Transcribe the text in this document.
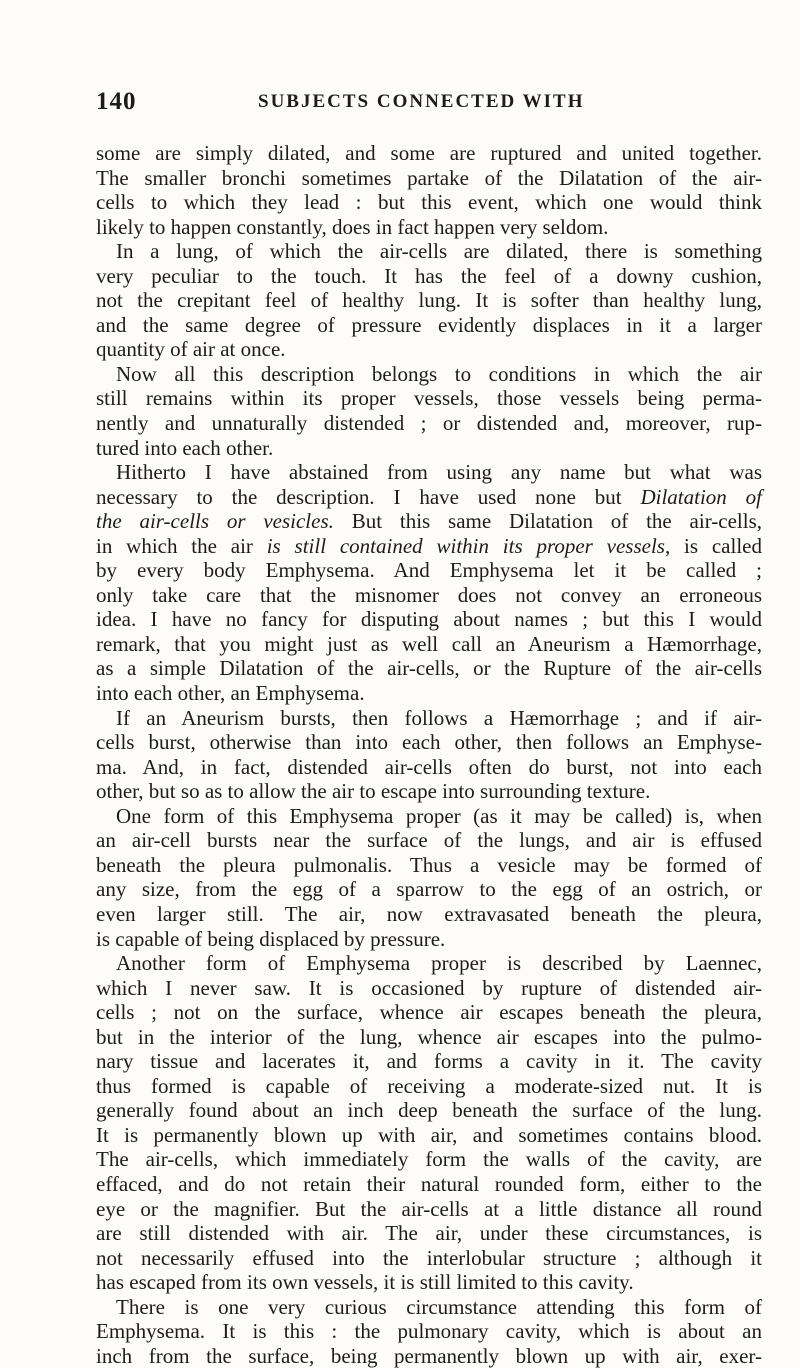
140	SUBJECTS CONNECTED WITH

some are simply dilated, and some are ruptured and united together.
The smaller bronchi sometimes partake of the Dilatation of the air-
cells to which they lead : but this event, which one would think
likely to happen constantly, does in fact happen very seldom.

In a lung, of which the air-cells are dilated, there is something
very peculiar to the touch. It has the feel of a downy cushion,
not the crepitant feel of healthy lung. It is softer than healthy lung,
and the same degree of pressure evidently displaces in it a larger
quantity of air at once.

Now all this description belongs to conditions in which the air
still remains within its proper vessels, those vessels being perma-
nently and unnaturally distended ; or distended and, moreover, rup-
tured into each other.

Hitherto I have abstained from using any name but what was
necessary to the description. I have used none but Dilatation of
the air-cells or vesicles. But this same Dilatation of the air-cells,
in which the air is still contained within its proper vessels, is called
by every body Emphysema. And Emphysema let it be called ;
only take care that the misnomer does not convey an erroneous
idea. I have no fancy for disputing about names ; but this I would
remark, that you might just as well call an Aneurism a Hæmorrhage,
as a simple Dilatation of the air-cells, or the Rupture of the air-cells
into each other, an Emphysema.

If an Aneurism bursts, then follows a Hæmorrhage ; and if air-
cells burst, otherwise than into each other, then follows an Emphyse-
ma. And, in fact, distended air-cells often do burst, not into each
other, but so as to allow the air to escape into surrounding texture.

One form of this Emphysema proper (as it may be called) is, when
an air-cell bursts near the surface of the lungs, and air is effused
beneath the pleura pulmonalis. Thus a vesicle may be formed of
any size, from the egg of a sparrow to the egg of an ostrich, or
even larger still. The air, now extravasated beneath the pleura,
is capable of being displaced by pressure.

Another form of Emphysema proper is described by Laennec,
which I never saw. It is occasioned by rupture of distended air-
cells ; not on the surface, whence air escapes beneath the pleura,
but in the interior of the lung, whence air escapes into the pulmo-
nary tissue and lacerates it, and forms a cavity in it. The cavity
thus formed is capable of receiving a moderate-sized nut. It is
generally found about an inch deep beneath the surface of the lung.
It is permanently blown up with air, and sometimes contains blood.
The air-cells, which immediately form the walls of the cavity, are
effaced, and do not retain their natural rounded form, either to the
eye or the magnifier. But the air-cells at a little distance all round
are still distended with air. The air, under these circumstances, is
not necessarily effused into the interlobular structure ; although it
has escaped from its own vessels, it is still limited to this cavity.

There is one very curious circumstance attending this form of
Emphysema. It is this : the pulmonary cavity, which is about an
inch from the surface, being permanently blown up with air, exer-
